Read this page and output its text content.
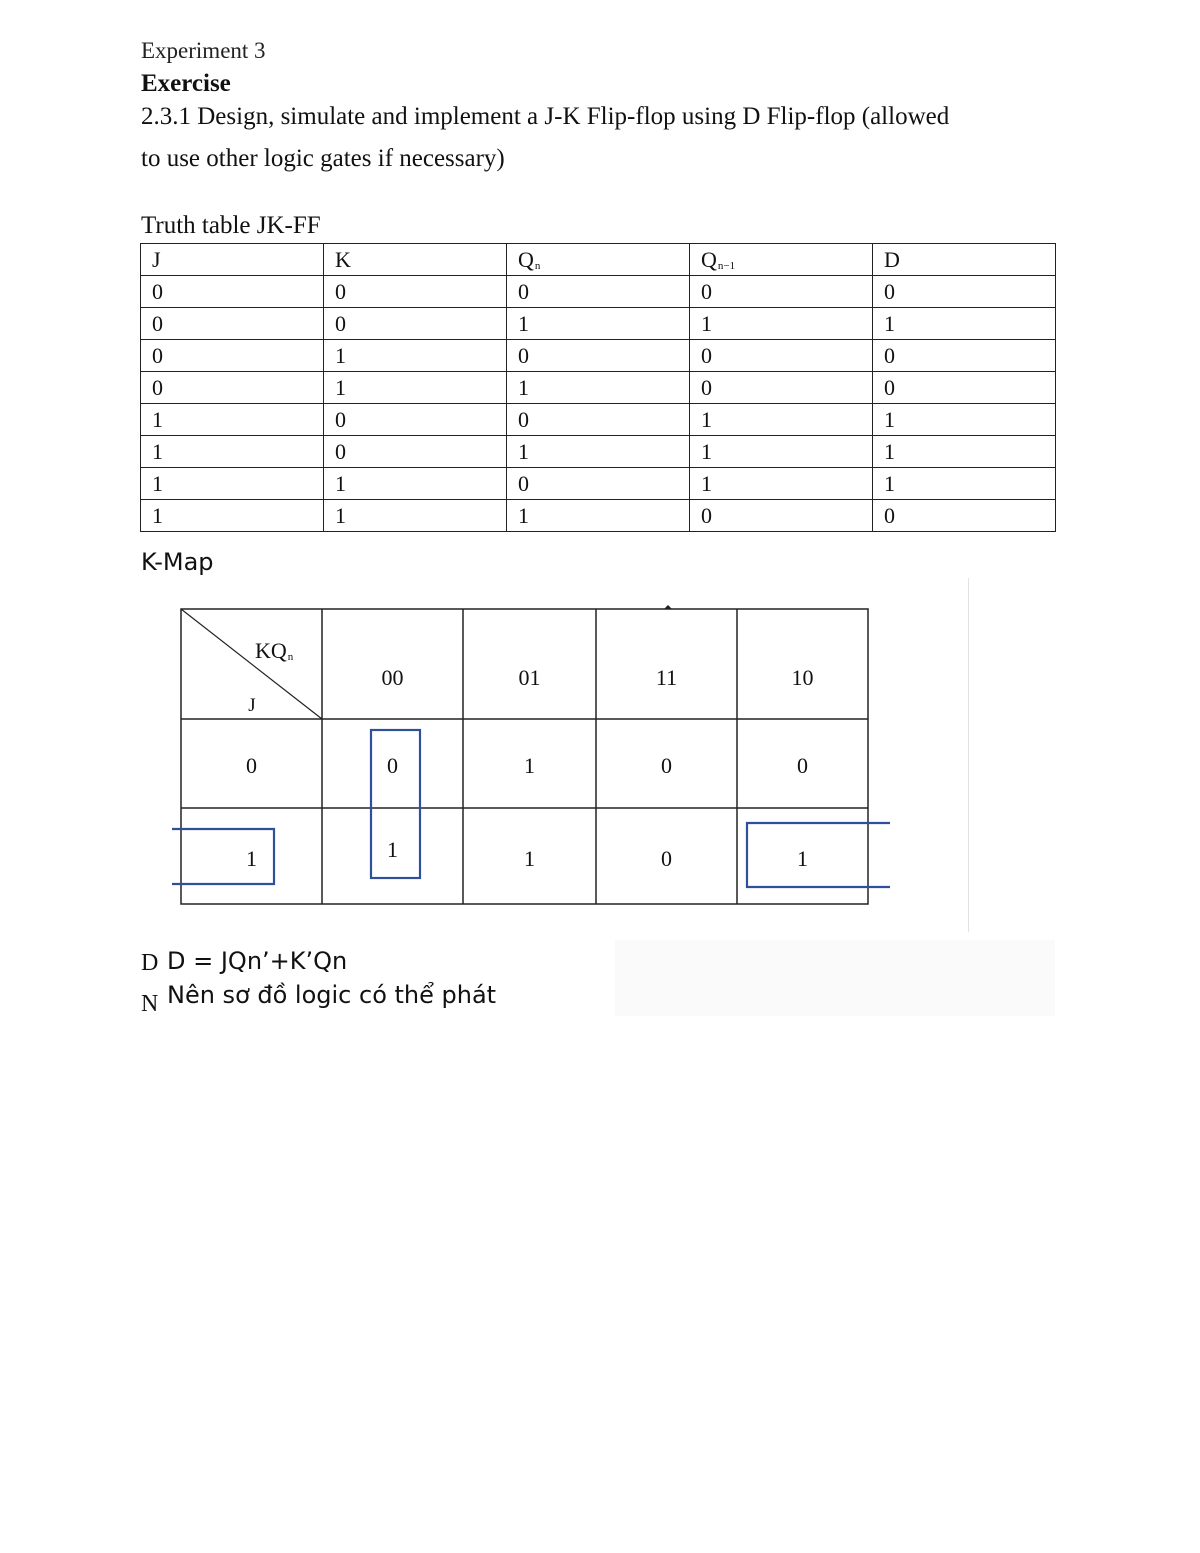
Experiment 3
Exercise
2.3.1 Design, simulate and implement a J-K Flip-flop using D Flip-flop (allowed
to use other logic gates if necessary)
Truth table JK-FF
J	K	Qn	Qn−1	D
0	0	0	0	0
0	0	1	1	1
0	1	0	0	0
0	1	1	0	0
1	0	0	1	1
1	0	1	1	1
1	1	0	1	1
1	1	1	0	0
K-Map
KQn
J
00	01	11	10
0	0	1	0	0
1	1	1	0	1
D D = JQn’+K’Qn
N Nên sơ đồ logic có thể phát
